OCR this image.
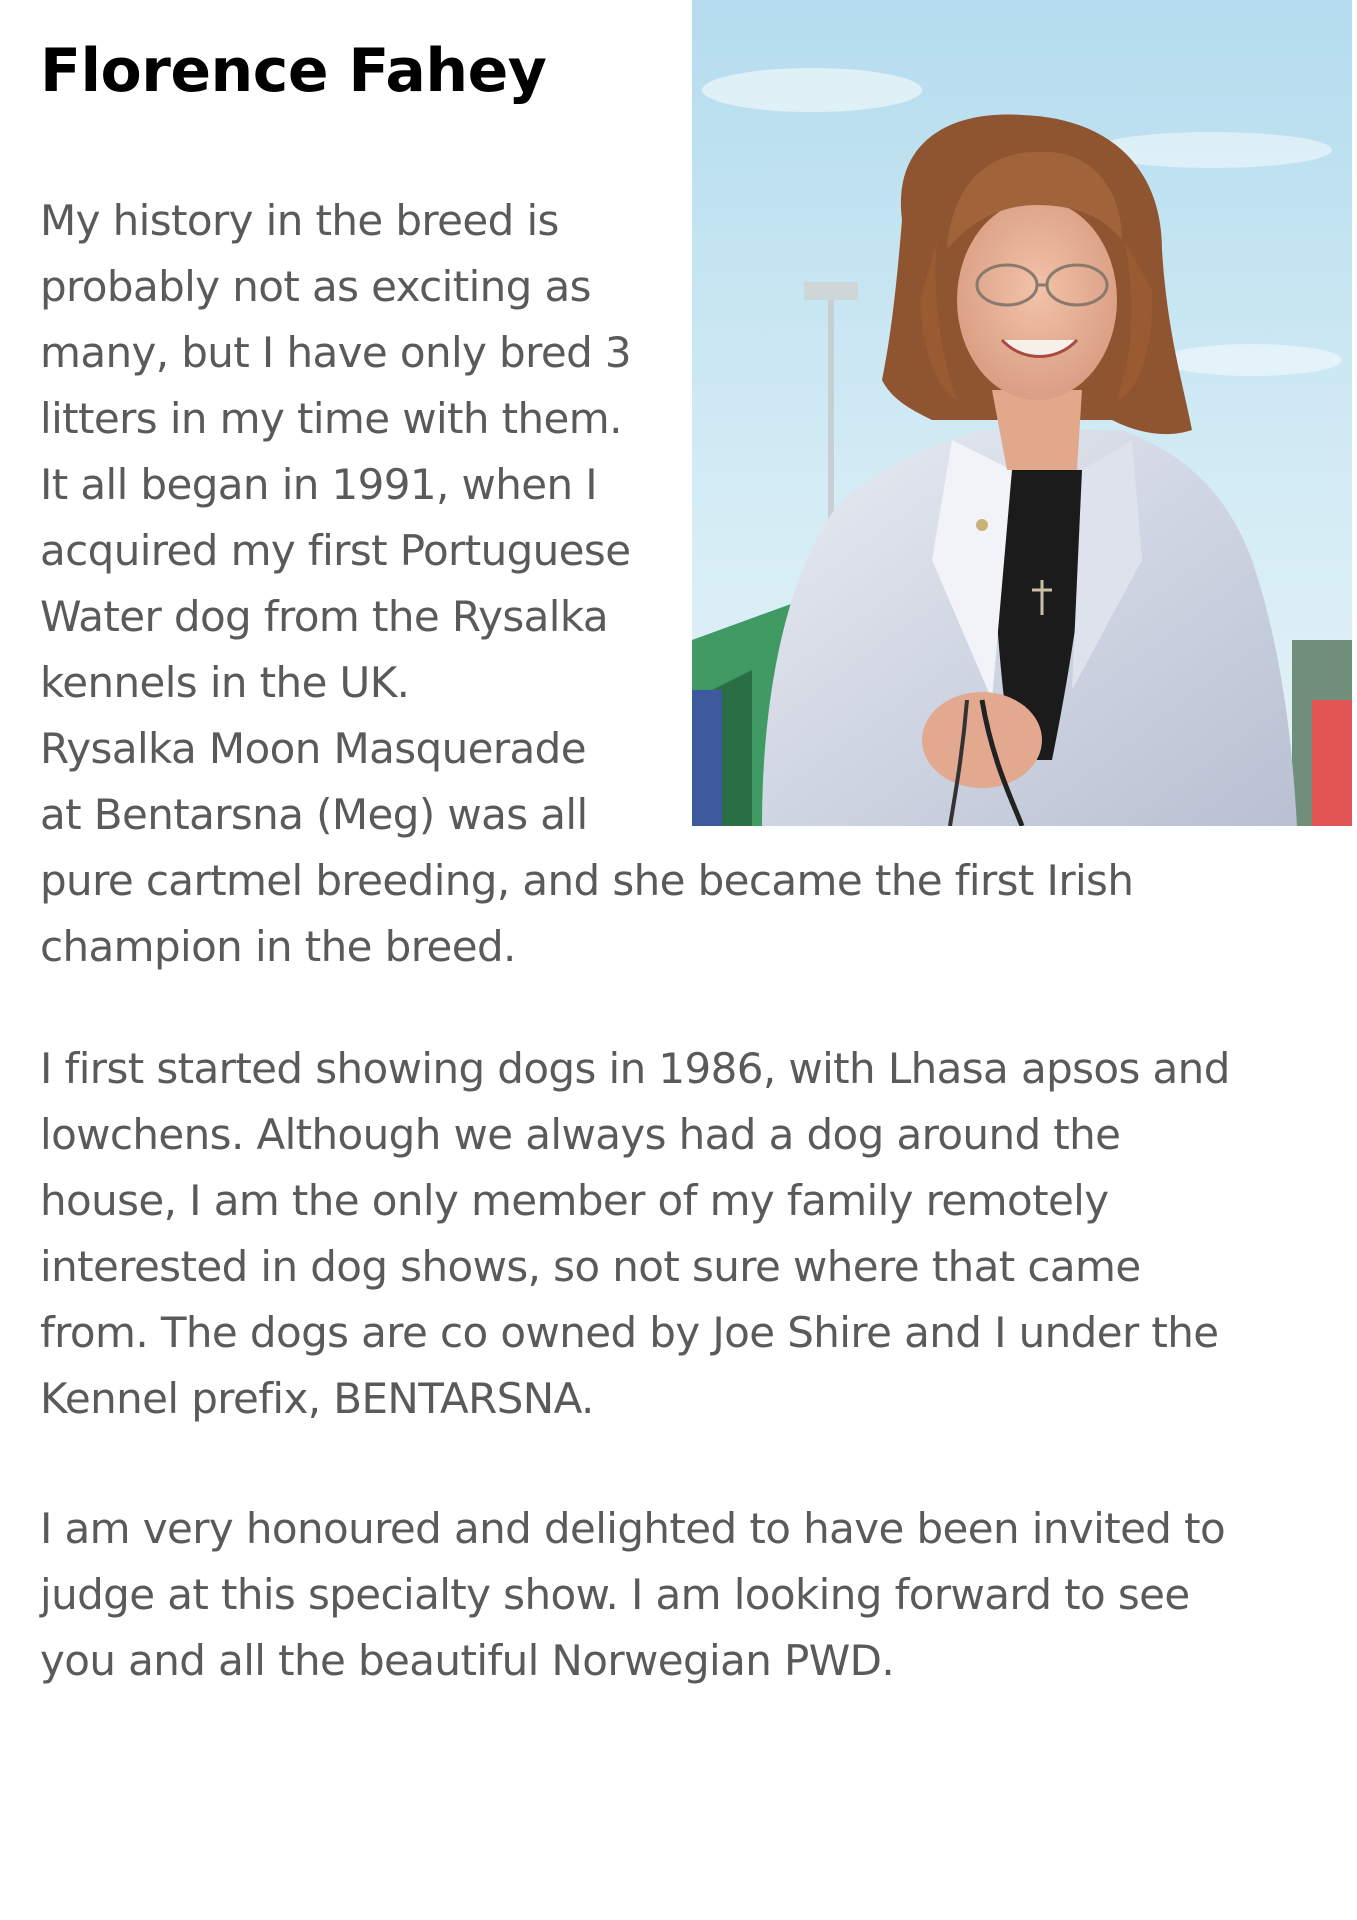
Florence Fahey
My history in the breed is
probably not as exciting as
many, but I have only bred 3
litters in my time with them.
It all began in 1991, when I
acquired my first Portuguese
Water dog from the Rysalka
kennels in the UK.
Rysalka Moon Masquerade
at Bentarsna (Meg) was all
pure cartmel breeding, and she became the first Irish
champion in the breed.
I first started showing dogs in 1986, with Lhasa apsos and
lowchens. Although we always had a dog around the
house, I am the only member of my family remotely
interested in dog shows, so not sure where that came
from. The dogs are co owned by Joe Shire and I under the
Kennel prefix, BENTARSNA.
I am very honoured and delighted to have been invited to
judge at this specialty show. I am looking forward to see
you and all the beautiful Norwegian PWD.
